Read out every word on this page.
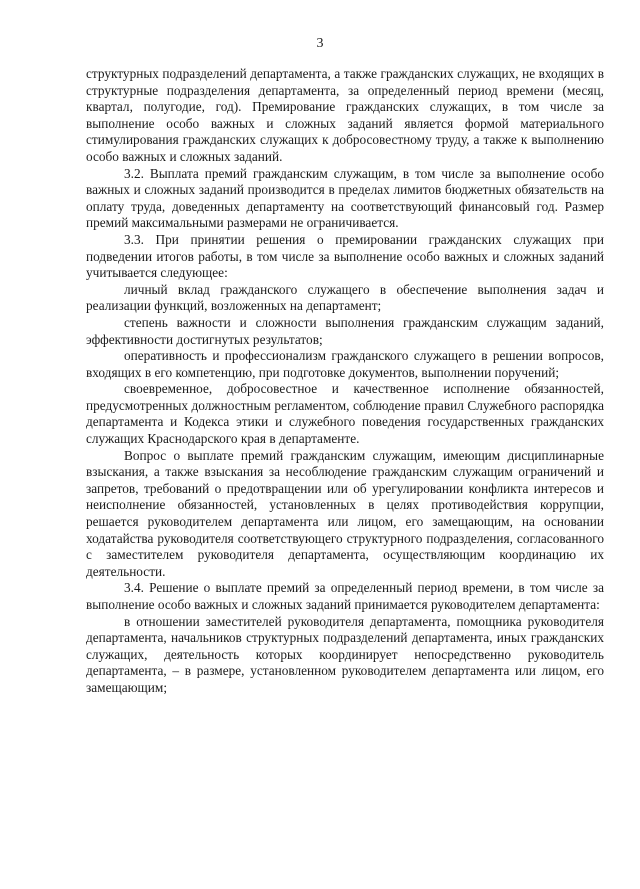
3

структурных подразделений департамента, а также гражданских служащих, не входящих в структурные подразделения департамента, за определенный период времени (месяц, квартал, полугодие, год). Премирование гражданских служащих, в том числе за выполнение особо важных и сложных заданий является формой материального стимулирования гражданских служащих к добросовестному труду, а также к выполнению особо важных и сложных заданий.

3.2. Выплата премий гражданским служащим, в том числе за выполнение особо важных и сложных заданий производится в пределах лимитов бюджетных обязательств на оплату труда, доведенных департаменту на соответствующий финансовый год. Размер премий максимальными размерами не ограничивается.

3.3. При принятии решения о премировании гражданских служащих при подведении итогов работы, в том числе за выполнение особо важных и сложных заданий учитывается следующее:

личный вклад гражданского служащего в обеспечение выполнения задач и реализации функций, возложенных на департамент;

степень важности и сложности выполнения гражданским служащим заданий, эффективности достигнутых результатов;

оперативность и профессионализм гражданского служащего в решении вопросов, входящих в его компетенцию, при подготовке документов, выполнении поручений;

своевременное, добросовестное и качественное исполнение обязанностей, предусмотренных должностным регламентом, соблюдение правил Служебного распорядка департамента и Кодекса этики и служебного поведения государственных гражданских служащих Краснодарского края в департаменте.

Вопрос о выплате премий гражданским служащим, имеющим дисциплинарные взыскания, а также взыскания за несоблюдение гражданским служащим ограничений и запретов, требований о предотвращении или об урегулировании конфликта интересов и неисполнение обязанностей, установленных в целях противодействия коррупции, решается руководителем департамента или лицом, его замещающим, на основании ходатайства руководителя соответствующего структурного подразделения, согласованного с заместителем руководителя департамента, осуществляющим координацию их деятельности.

3.4. Решение о выплате премий за определенный период времени, в том числе за выполнение особо важных и сложных заданий принимается руководителем департамента:

в отношении заместителей руководителя департамента, помощника руководителя департамента, начальников структурных подразделений департамента, иных гражданских служащих, деятельность которых координирует непосредственно руководитель департамента, – в размере, установленном руководителем департамента или лицом, его замещающим;
